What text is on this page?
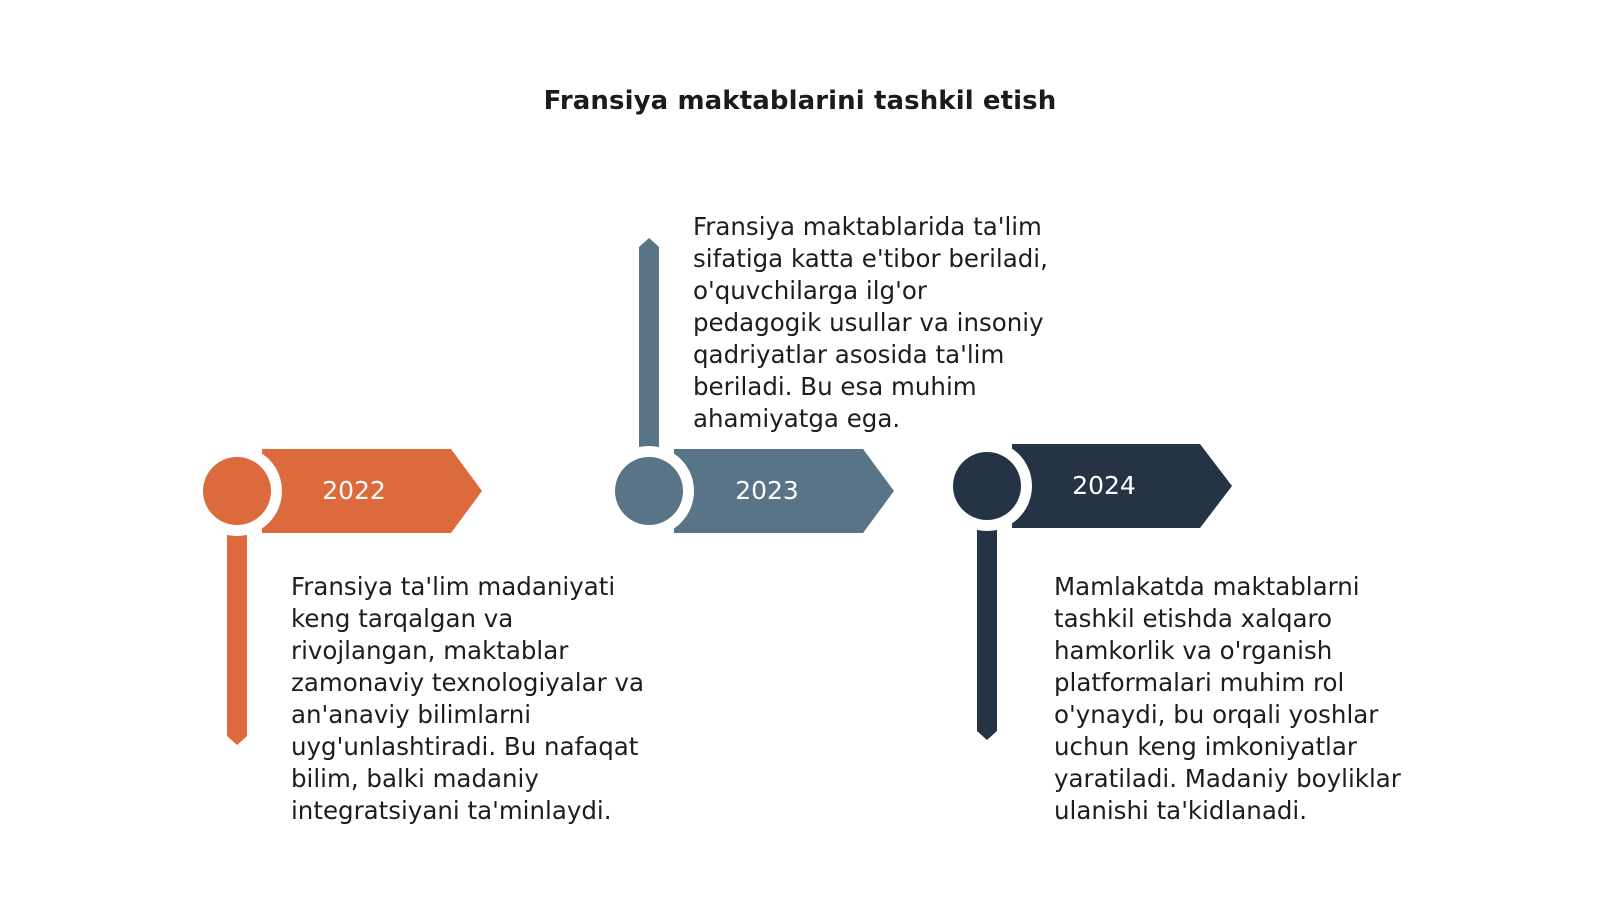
Fransiya maktablarini tashkil etish
2022	2023	2024

Fransiya ta'lim madaniyati keng tarqalgan va rivojlangan, maktablar zamonaviy texnologiyalar va an'anaviy bilimlarni uyg'unlashtiradi. Bu nafaqat bilim, balki madaniy integratsiyani ta'minlaydi.

Fransiya maktablarida ta'lim sifatiga katta e'tibor beriladi, o'quvchilarga ilg'or pedagogik usullar va insoniy qadriyatlar asosida ta'lim beriladi. Bu esa muhim ahamiyatga ega.

Mamlakatda maktablarni tashkil etishda xalqaro hamkorlik va o'rganish platformalari muhim rol o'ynaydi, bu orqali yoshlar uchun keng imkoniyatlar yaratiladi. Madaniy boyliklar ulanishi ta'kidlanadi.
